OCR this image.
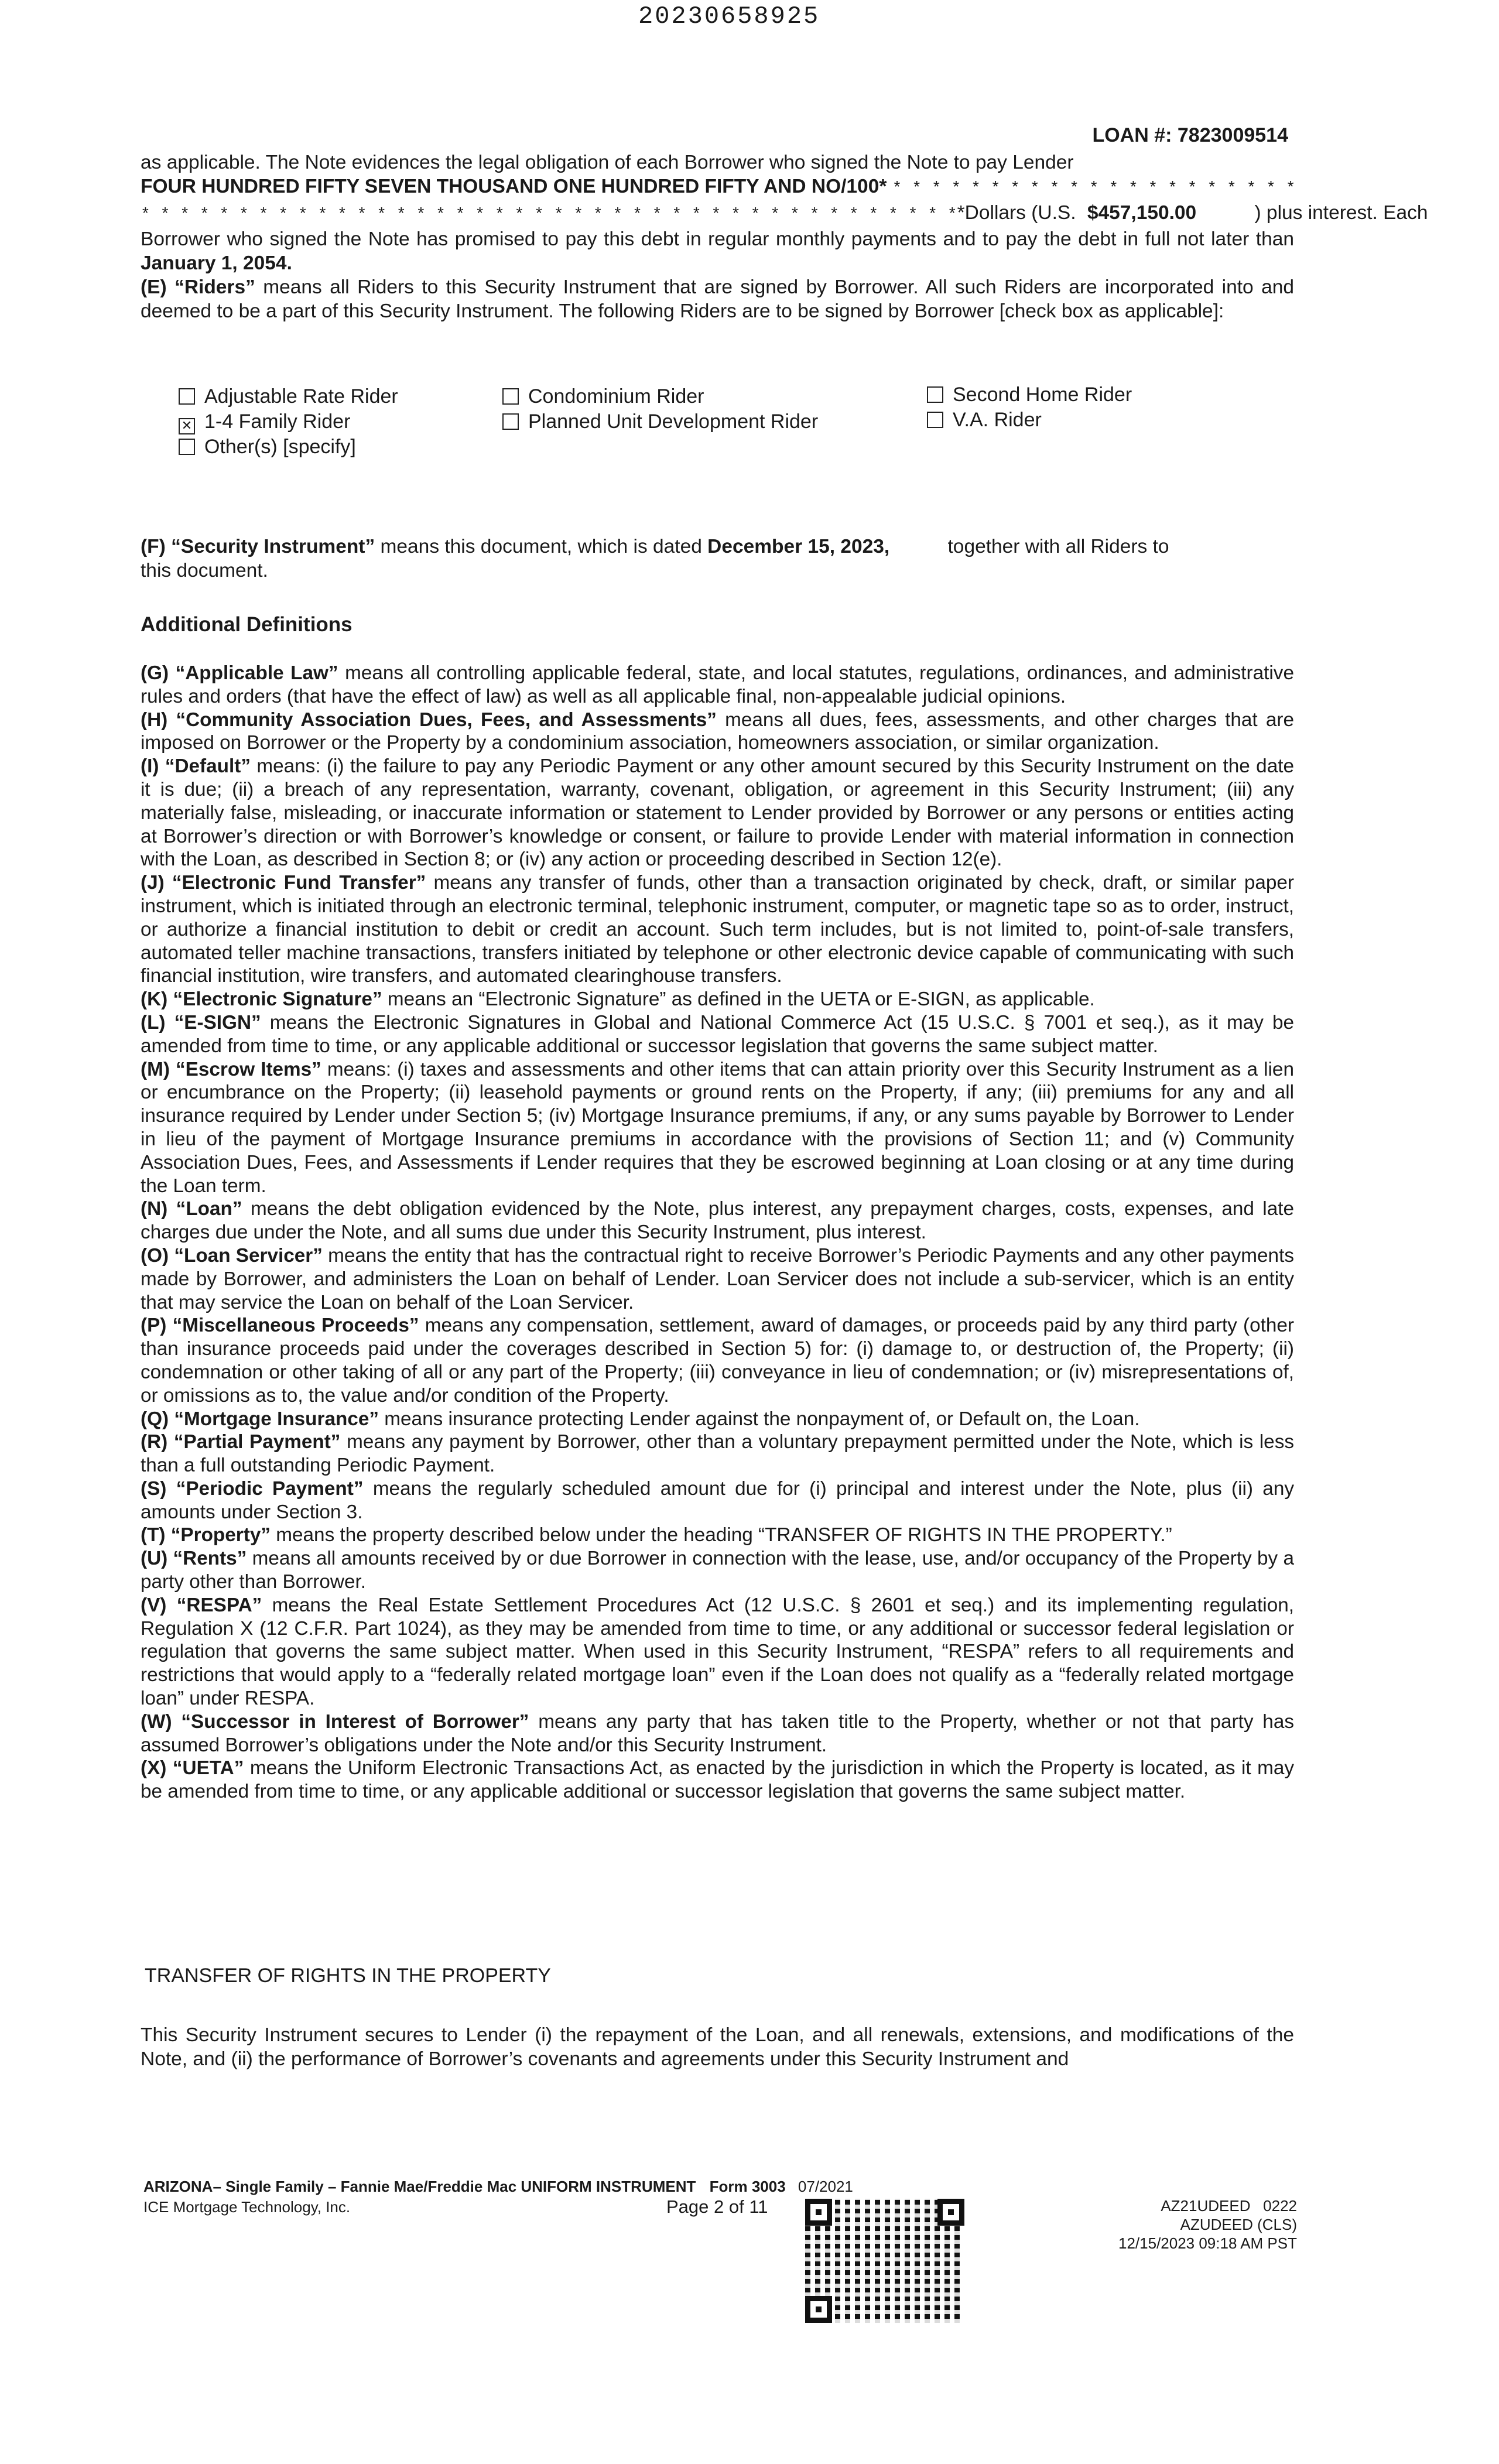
20230658925
LOAN #: 7823009514
as applicable. The Note evidences the legal obligation of each Borrower who signed the Note to pay Lender
FOUR HUNDRED FIFTY SEVEN THOUSAND ONE HUNDRED FIFTY AND NO/100* * * * * * * * * * * * * * * * * * * * * *
* * * * * * * * * * * * * * * * * * * * * * * * * * * * * * * * * * * * * * * * * **Dollars (U.S. $457,150.00	) plus interest. Each

Borrower who signed the Note has promised to pay this debt in regular monthly payments and to pay the debt in full not later than January 1, 2054.

(E) “Riders” means all Riders to this Security Instrument that are signed by Borrower. All such Riders are incorporated into and deemed to be a part of this Security Instrument. The following Riders are to be signed by Borrower [check box as applicable]:

Adjustable Rate Rider	Condominium Rider	Second Home Rider
✕ 1-4 Family Rider	Planned Unit Development Rider	V.A. Rider
Other(s) [specify]
(F) “Security Instrument” means this document, which is dated December 15, 2023,	together with all Riders to
this document.
Additional Definitions

(G) “Applicable Law” means all controlling applicable federal, state, and local statutes, regulations, ordinances, and administrative rules and orders (that have the effect of law) as well as all applicable final, non-appealable judicial opinions.

(H) “Community Association Dues, Fees, and Assessments” means all dues, fees, assessments, and other charges that are imposed on Borrower or the Property by a condominium association, homeowners association, or similar organization.

(I) “Default” means: (i) the failure to pay any Periodic Payment or any other amount secured by this Security Instrument on the date it is due; (ii) a breach of any representation, warranty, covenant, obligation, or agreement in this Security Instrument; (iii) any materially false, misleading, or inaccurate information or statement to Lender provided by Borrower or any persons or entities acting at Borrower’s direction or with Borrower’s knowledge or consent, or failure to provide Lender with material information in connection with the Loan, as described in Section 8; or (iv) any action or proceeding described in Section 12(e).

(J) “Electronic Fund Transfer” means any transfer of funds, other than a transaction originated by check, draft, or similar paper instrument, which is initiated through an electronic terminal, telephonic instrument, computer, or magnetic tape so as to order, instruct, or authorize a financial institution to debit or credit an account. Such term includes, but is not limited to, point-of-sale transfers, automated teller machine transactions, transfers initiated by telephone or other electronic device capable of communicating with such financial institution, wire transfers, and automated clearinghouse transfers.

(K) “Electronic Signature” means an “Electronic Signature” as defined in the UETA or E-SIGN, as applicable.

(L) “E-SIGN” means the Electronic Signatures in Global and National Commerce Act (15 U.S.C. § 7001 et seq.), as it may be amended from time to time, or any applicable additional or successor legislation that governs the same subject matter.

(M) “Escrow Items” means: (i) taxes and assessments and other items that can attain priority over this Security Instrument as a lien or encumbrance on the Property; (ii) leasehold payments or ground rents on the Property, if any; (iii) premiums for any and all insurance required by Lender under Section 5; (iv) Mortgage Insurance premiums, if any, or any sums payable by Borrower to Lender in lieu of the payment of Mortgage Insurance premiums in accordance with the provisions of Section 11; and (v) Community Association Dues, Fees, and Assessments if Lender requires that they be escrowed beginning at Loan closing or at any time during the Loan term.

(N) “Loan” means the debt obligation evidenced by the Note, plus interest, any prepayment charges, costs, expenses, and late charges due under the Note, and all sums due under this Security Instrument, plus interest.

(O) “Loan Servicer” means the entity that has the contractual right to receive Borrower’s Periodic Payments and any other payments made by Borrower, and administers the Loan on behalf of Lender. Loan Servicer does not include a sub-servicer, which is an entity that may service the Loan on behalf of the Loan Servicer.

(P) “Miscellaneous Proceeds” means any compensation, settlement, award of damages, or proceeds paid by any third party (other than insurance proceeds paid under the coverages described in Section 5) for: (i) damage to, or destruction of, the Property; (ii) condemnation or other taking of all or any part of the Property; (iii) conveyance in lieu of condemnation; or (iv) misrepresentations of, or omissions as to, the value and/or condition of the Property.

(Q) “Mortgage Insurance” means insurance protecting Lender against the nonpayment of, or Default on, the Loan.

(R) “Partial Payment” means any payment by Borrower, other than a voluntary prepayment permitted under the Note, which is less than a full outstanding Periodic Payment.

(S) “Periodic Payment” means the regularly scheduled amount due for (i) principal and interest under the Note, plus (ii) any amounts under Section 3.

(T) “Property” means the property described below under the heading “TRANSFER OF RIGHTS IN THE PROPERTY.”

(U) “Rents” means all amounts received by or due Borrower in connection with the lease, use, and/or occupancy of the Property by a party other than Borrower.

(V) “RESPA” means the Real Estate Settlement Procedures Act (12 U.S.C. § 2601 et seq.) and its implementing regulation, Regulation X (12 C.F.R. Part 1024), as they may be amended from time to time, or any additional or successor federal legislation or regulation that governs the same subject matter. When used in this Security Instrument, “RESPA” refers to all requirements and restrictions that would apply to a “federally related mortgage loan” even if the Loan does not qualify as a “federally related mortgage loan” under RESPA.

(W) “Successor in Interest of Borrower” means any party that has taken title to the Property, whether or not that party has assumed Borrower’s obligations under the Note and/or this Security Instrument.

(X) “UETA” means the Uniform Electronic Transactions Act, as enacted by the jurisdiction in which the Property is located, as it may be amended from time to time, or any applicable additional or successor legislation that governs the same subject matter.

TRANSFER OF RIGHTS IN THE PROPERTY
This Security Instrument secures to Lender (i) the repayment of the Loan, and all renewals, extensions, and modifications of the Note, and (ii) the performance of Borrower’s covenants and agreements under this Security Instrument and
ARIZONA– Single Family – Fannie Mae/Freddie Mac UNIFORM INSTRUMENT Form 3003 07/2021
ICE Mortgage Technology, Inc.	Page 2 of 11	AZ21UDEED   0222
AZUDEED (CLS)
12/15/2023 09:18 AM PST
